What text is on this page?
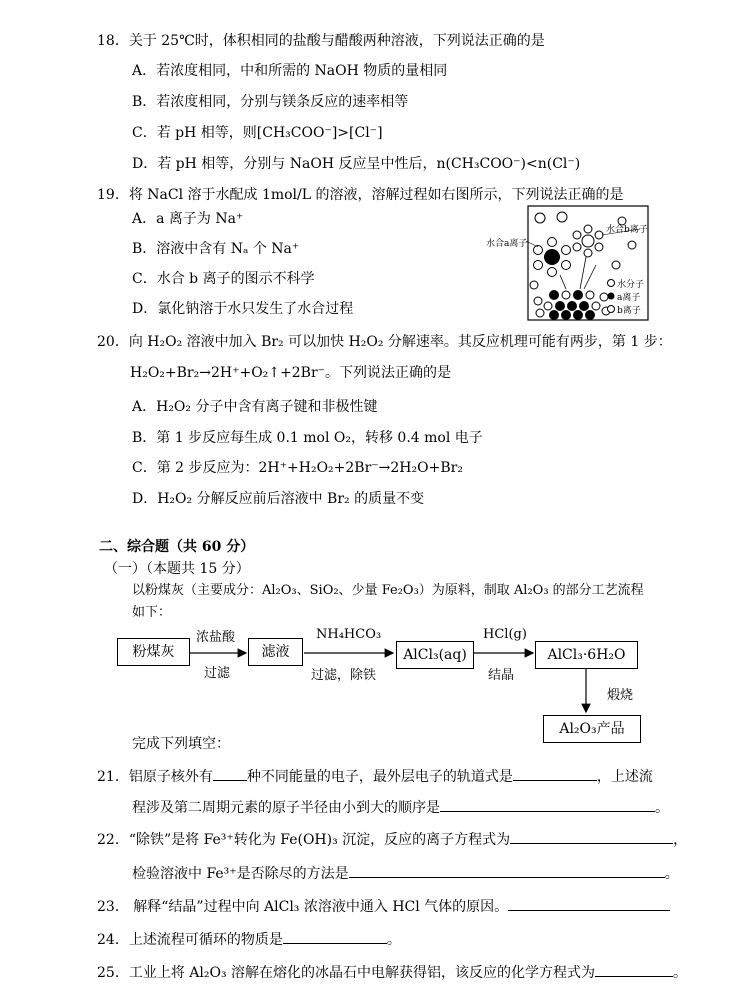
18．关于 25℃时，体积相同的盐酸与醋酸两种溶液，下列说法正确的是
A．若浓度相同，中和所需的 NaOH 物质的量相同
B．若浓度相同，分别与镁条反应的速率相等
C．若 pH 相等，则[CH₃COO⁻]>[Cl⁻]
D．若 pH 相等，分别与 NaOH 反应呈中性后，n(CH₃COO⁻)<n(Cl⁻)
19．将 NaCl 溶于水配成 1mol/L 的溶液，溶解过程如右图所示，下列说法正确的是
A．a 离子为 Na⁺
B．溶液中含有 Nₐ 个 Na⁺
C．水合 b 离子的图示不科学
D．氯化钠溶于水只发生了水合过程
水合a离子
水合b离子
水分子
a离子
b离子
20．向 H₂O₂ 溶液中加入 Br₂ 可以加快 H₂O₂ 分解速率。其反应机理可能有两步，第 1 步：
H₂O₂+Br₂→2H⁺+O₂↑+2Br⁻。下列说法正确的是
A．H₂O₂ 分子中含有离子键和非极性键
B．第 1 步反应每生成 0.1 mol O₂，转移 0.4 mol 电子
C．第 2 步反应为：2H⁺+H₂O₂+2Br⁻→2H₂O+Br₂
D．H₂O₂ 分解反应前后溶液中 Br₂ 的质量不变
二、综合题（共 60 分）
（一）（本题共 15 分）
以粉煤灰（主要成分：Al₂O₃、SiO₂、少量 Fe₂O₃）为原料，制取 Al₂O₃ 的部分工艺流程
如下：
粉煤灰	滤液	AlCl₃(aq)	AlCl₃·6H₂O
Al₂O₃产品
浓盐酸
过滤
NH₄HCO₃
过滤，除铁
HCl(g)
结晶
煅烧
完成下列填空：
21．铝原子核外有 种不同能量的电子，最外层电子的轨道式是	，上述流
程涉及第二周期元素的原子半径由小到大的顺序是	。
22．“除铁”是将 Fe³⁺转化为 Fe(OH)₃ 沉淀，反应的离子方程式为	，
检验溶液中 Fe³⁺是否除尽的方法是	。
23． 解释“结晶”过程中向 AlCl₃ 浓溶液中通入 HCl 气体的原因。
24．上述流程可循环的物质是	。
25．工业上将 Al₂O₃ 溶解在熔化的冰晶石中电解获得铝，该反应的化学方程式为	。
